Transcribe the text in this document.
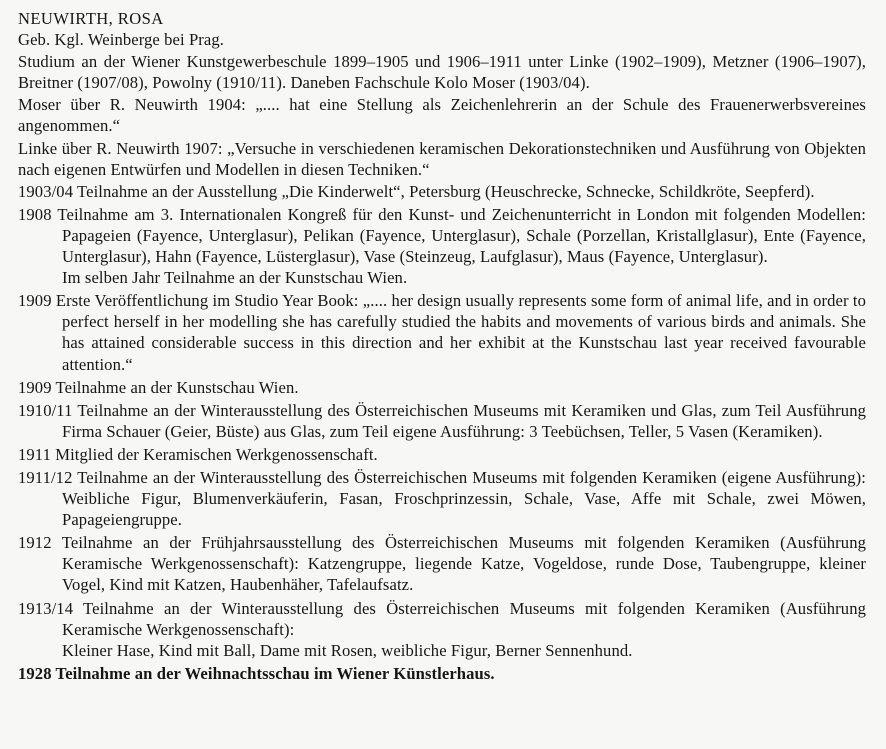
NEUWIRTH, ROSA

Geb. Kgl. Weinberge bei Prag.

Studium an der Wiener Kunstgewerbeschule 1899–1905 und 1906–1911 unter Linke (1902–1909), Metzner (1906–1907), Breitner (1907/08), Powolny (1910/11). Daneben Fachschule Kolo Moser (1903/04).

Moser über R. Neuwirth 1904: „.... hat eine Stellung als Zeichenlehrerin an der Schule des Frauenerwerbsvereines angenommen.“

Linke über R. Neuwirth 1907: „Versuche in verschiedenen keramischen Dekorationstechniken und Ausführung von Objekten nach eigenen Entwürfen und Modellen in diesen Techniken.“

1903/04 Teilnahme an der Ausstellung „Die Kinderwelt“, Petersburg (Heuschrecke, Schnecke, Schildkröte, Seepferd).
1908 Teilnahme am 3. Internationalen Kongreß für den Kunst- und Zeichenunterricht in London mit folgenden Modellen: Papageien (Fayence, Unterglasur), Pelikan (Fayence, Unterglasur), Schale (Porzellan, Kristallglasur), Ente (Fayence, Unterglasur), Hahn (Fayence, Lüsterglasur), Vase (Steinzeug, Laufglasur), Maus (Fayence, Unterglasur).

Im selben Jahr Teilnahme an der Kunstschau Wien.

1909 Erste Veröffentlichung im Studio Year Book: „.... her design usually represents some form of animal life, and in order to perfect herself in her modelling she has carefully studied the habits and movements of various birds and animals. She has attained considerable success in this direction and her exhibit at the Kunstschau last year received favourable attention.“
1909 Teilnahme an der Kunstschau Wien.
1910/11 Teilnahme an der Winterausstellung des Österreichischen Museums mit Keramiken und Glas, zum Teil Ausführung Firma Schauer (Geier, Büste) aus Glas, zum Teil eigene Ausführung: 3 Teebüchsen, Teller, 5 Vasen (Keramiken).
1911 Mitglied der Keramischen Werkgenossenschaft.
1911/12 Teilnahme an der Winterausstellung des Österreichischen Museums mit folgenden Keramiken (eigene Ausführung): Weibliche Figur, Blumenverkäuferin, Fasan, Froschprinzessin, Schale, Vase, Affe mit Schale, zwei Möwen, Papageiengruppe.
1912 Teilnahme an der Frühjahrsausstellung des Österreichischen Museums mit folgenden Keramiken (Ausführung Keramische Werkgenossenschaft): Katzengruppe, liegende Katze, Vogeldose, runde Dose, Taubengruppe, kleiner Vogel, Kind mit Katzen, Haubenhäher, Tafelaufsatz.
1913/14 Teilnahme an der Winterausstellung des Österreichischen Museums mit folgenden Keramiken (Ausführung Keramische Werkgenossenschaft):

Kleiner Hase, Kind mit Ball, Dame mit Rosen, weibliche Figur, Berner Sennenhund.

1928 Teilnahme an der Weihnachtsschau im Wiener Künstlerhaus.
